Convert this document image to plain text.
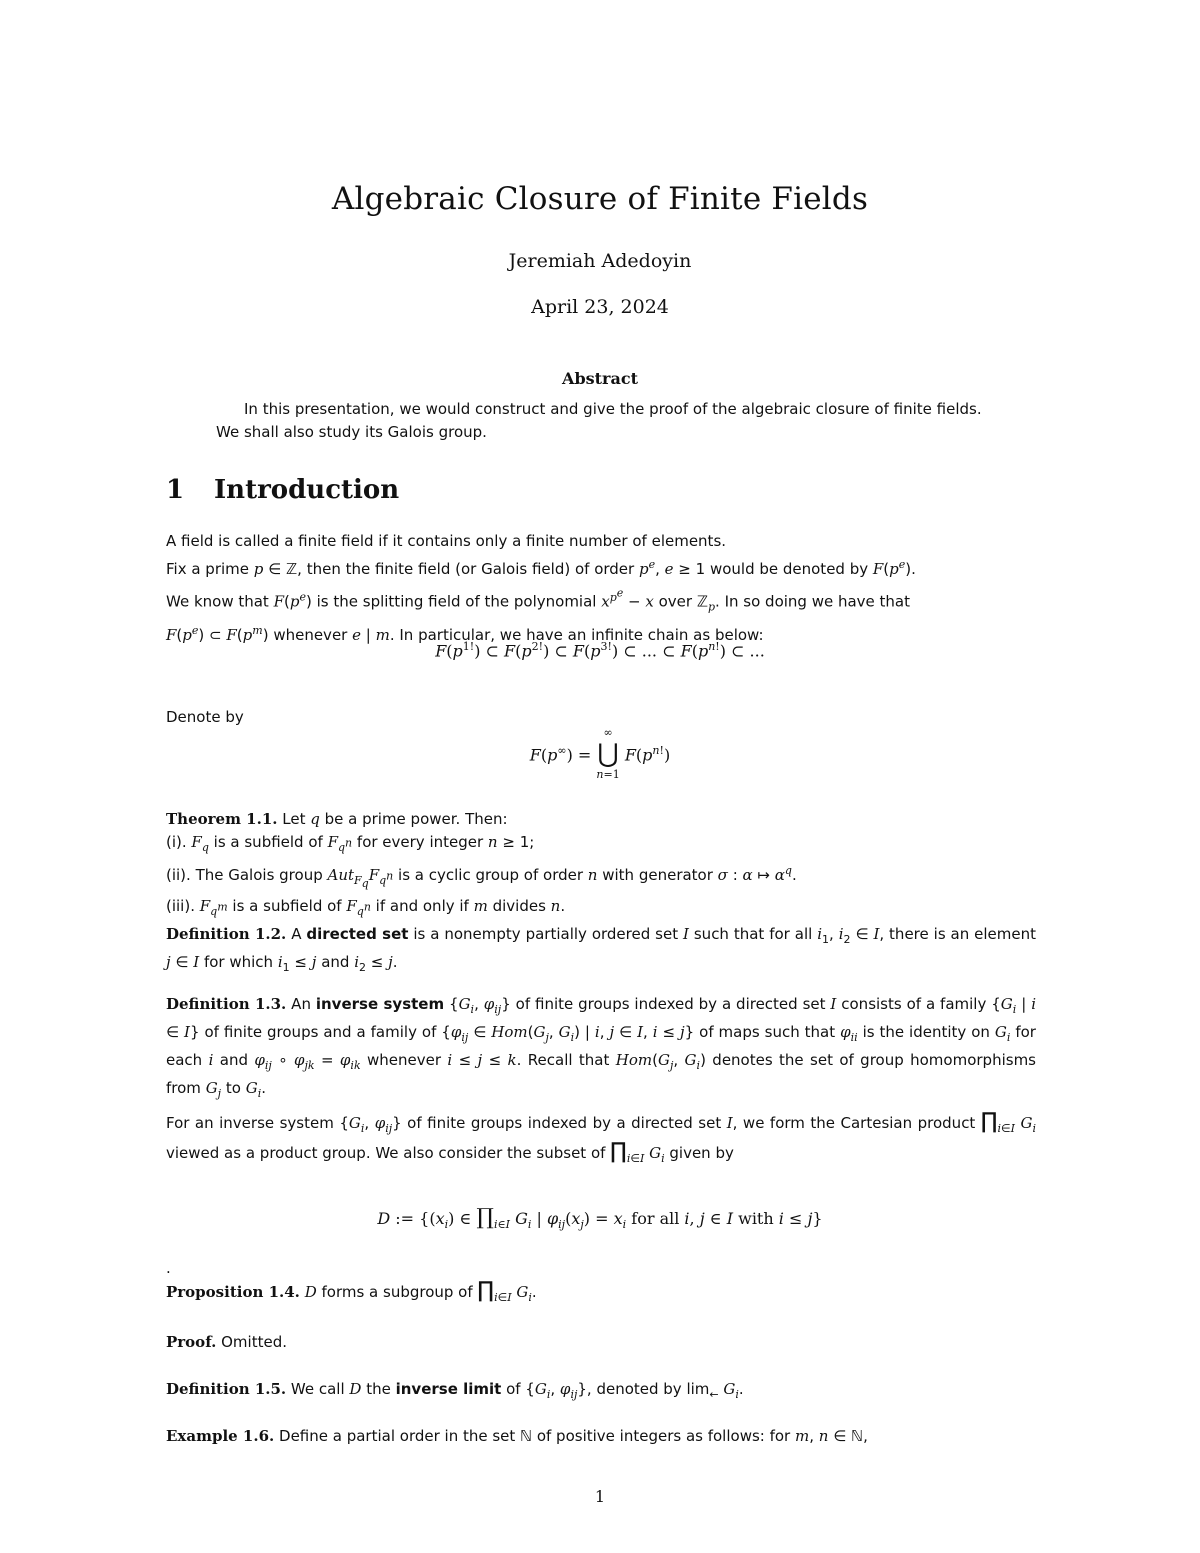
Algebraic Closure of Finite Fields
Jeremiah Adedoyin
April 23, 2024
Abstract
In this presentation, we would construct and give the proof of the algebraic closure of finite fields. We shall also study its Galois group.
1 Introduction
A field is called a finite field if it contains only a finite number of elements.
Fix a prime p ∈ ℤ, then the finite field (or Galois field) of order $p^e$, e ≥ 1 would be denoted by $F(p^e)$.
We know that $F(p^e)$ is the splitting field of the polynomial $x^{p^e} - x$ over ℤ$_p$. In so doing we have that
$F(p^e)$ ⊂ $F(p^m)$ whenever e | m. In particular, we have an infinite chain as below:
$F(p^{1!})$ ⊂ $F(p^{2!})$ ⊂ $F(p^{3!})$ ⊂ ... ⊂ $F(p^{n!})$ ⊂ ...
Denote by
F(p∞) =
∞
⋃
n=1
$F(p^{n!})$
Theorem 1.1. Let q be a prime power. Then:
(i). $F_q$ is a subfield of $F_{q^n}$ for every integer n ≥ 1;
(ii). The Galois group $Aut_{F_q}F_{q^n}$ is a cyclic group of order n with generator σ : α ↦ $\alpha^q$.
(iii). $F_{q^m}$ is a subfield of $F_{q^n}$ if and only if m divides n.
Definition 1.2. A directed set is a nonempty partially ordered set I such that for all $i_1$, $i_2$ ∈ I, there is an element j ∈ I for which $i_1 \le j$ and $i_2 \le j$.
Definition 1.3. An inverse system {$G_i$, $\varphi_{ij}$} of finite groups indexed by a directed set I consists of a family {$G_i$ | i ∈ I} of finite groups and a family of {$\varphi_{ij}$ ∈ $Hom(G_j$, $G_i$) | i, j ∈ I, i ≤ j} of maps such that $\varphi_{ii}$ is the identity on $G_i$ for each i and $\varphi_{ij}$ ∘ $\varphi_{jk} = \varphi_{ik}$ whenever i ≤ j ≤ k. Recall that $Hom(G_j$, $G_i$) denotes the set of group homomorphisms from $G_j$ to $G_i$.
For an inverse system {$G_i$, $\varphi_{ij}$} of finite groups indexed by a directed set I, we form the Cartesian product $\prod_{i\in I}$ $G_i$ viewed as a product group. We also consider the subset of $\prod_{i\in I}$ $G_i$ given by
D := {$(x_i)$ ∈ $\prod_{i\in I}$ $G_i$ | $\varphi_{ij}(x_j) = x_i$ for all i, j ∈ I with i ≤ j}
.
Proposition 1.4. D forms a subgroup of $\prod_{i\in I}$ $G_i$.
Proof. Omitted.
Definition 1.5. We call D the inverse limit of {$G_i$, $\varphi_{ij}$}, denoted by $\lim_\leftarrow G_i$.
Example 1.6. Define a partial order in the set ℕ of positive integers as follows: for m, n ∈ ℕ,
1
